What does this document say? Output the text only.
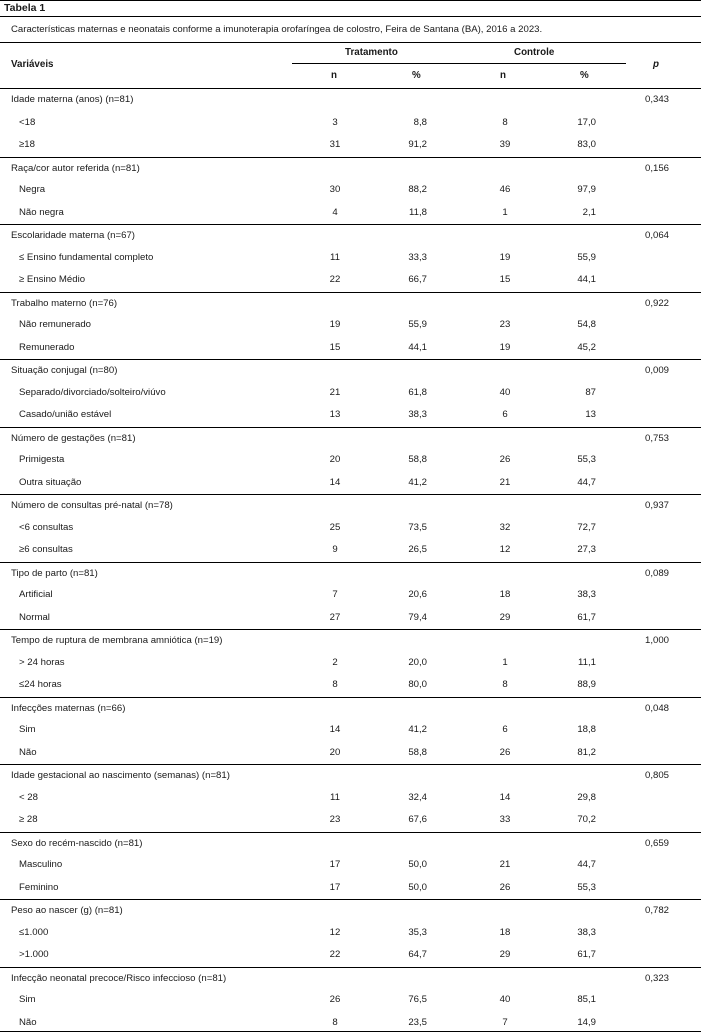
Tabela 1
Características maternas e neonatais conforme a imunoterapia orofaríngea de colostro, Feira de Santana (BA), 2016 a 2023.
Variáveis
Tratamento	Controle
n	%	n	%
p
Idade materna (anos) (n=81)	0,343
<18	3	8,8	8	17,0
≥18	31	91,2	39	83,0
Raça/cor autor referida (n=81)	0,156
Negra	30	88,2	46	97,9
Não negra	4	11,8	1	2,1
Escolaridade materna (n=67)	0,064
≤ Ensino fundamental completo	11	33,3	19	55,9
≥ Ensino Médio	22	66,7	15	44,1
Trabalho materno (n=76)	0,922
Não remunerado	19	55,9	23	54,8
Remunerado	15	44,1	19	45,2
Situação conjugal (n=80)	0,009
Separado/divorciado/solteiro/viúvo	21	61,8	40	87
Casado/união estável	13	38,3	6	13
Número de gestações (n=81)	0,753
Primigesta	20	58,8	26	55,3
Outra situação	14	41,2	21	44,7
Número de consultas pré-natal (n=78)	0,937
<6 consultas	25	73,5	32	72,7
≥6 consultas	9	26,5	12	27,3
Tipo de parto (n=81)	0,089
Artificial	7	20,6	18	38,3
Normal	27	79,4	29	61,7
Tempo de ruptura de membrana amniótica (n=19)	1,000
> 24 horas	2	20,0	1	11,1
≤24 horas	8	80,0	8	88,9
Infecções maternas (n=66)	0,048
Sim	14	41,2	6	18,8
Não	20	58,8	26	81,2
Idade gestacional ao nascimento (semanas) (n=81)	0,805
< 28	11	32,4	14	29,8
≥ 28	23	67,6	33	70,2
Sexo do recém-nascido (n=81)	0,659
Masculino	17	50,0	21	44,7
Feminino	17	50,0	26	55,3
Peso ao nascer (g) (n=81)	0,782
≤1.000	12	35,3	18	38,3
>1.000	22	64,7	29	61,7
Infecção neonatal precoce/Risco infeccioso (n=81)	0,323
Sim	26	76,5	40	85,1
Não	8	23,5	7	14,9
